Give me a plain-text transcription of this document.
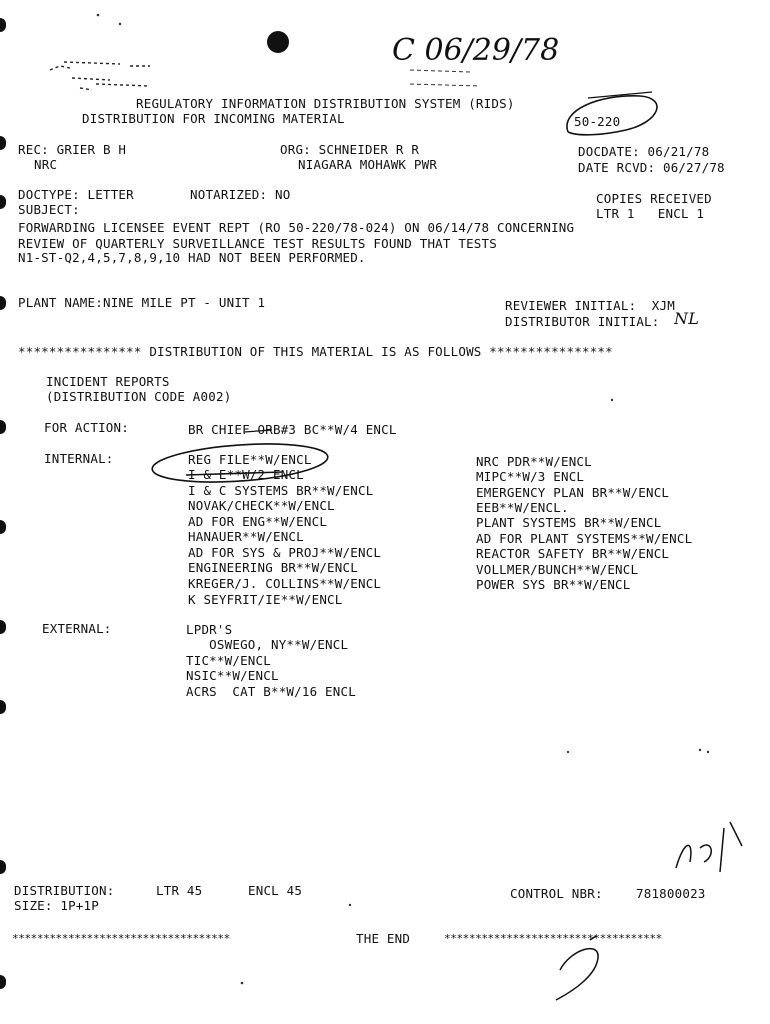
C 06/29/78
REGULATORY INFORMATION DISTRIBUTION SYSTEM (RIDS)
DISTRIBUTION FOR INCOMING MATERIAL	50-220
REC: GRIER B H
NRC
ORG: SCHNEIDER R R
NIAGARA MOHAWK PWR
DOCDATE: 06/21/78
DATE RCVD: 06/27/78
DOCTYPE: LETTER	NOTARIZED: NO	COPIES RECEIVED
LTR 1   ENCL 1
SUBJECT:
FORWARDING LICENSEE EVENT REPT (RO 50-220/78-024) ON 06/14/78 CONCERNING
REVIEW OF QUARTERLY SURVEILLANCE TEST RESULTS FOUND THAT TESTS
N1-ST-Q2,4,5,7,8,9,10 HAD NOT BEEN PERFORMED.
PLANT NAME:NINE MILE PT - UNIT 1	REVIEWER INITIAL:  XJM
DISTRIBUTOR INITIAL: NL
**************** DISTRIBUTION OF THIS MATERIAL IS AS FOLLOWS ****************
INCIDENT REPORTS
(DISTRIBUTION CODE A002)
FOR ACTION:	BR CHIEF ORB#3 BC**W/4 ENCL
INTERNAL:	REG FILE**W/ENCL
I & E**W/2 ENCL
I & C SYSTEMS BR**W/ENCL
NOVAK/CHECK**W/ENCL
AD FOR ENG**W/ENCL
HANAUER**W/ENCL
AD FOR SYS & PROJ**W/ENCL
ENGINEERING BR**W/ENCL
KREGER/J. COLLINS**W/ENCL
K SEYFRIT/IE**W/ENCL
NRC PDR**W/ENCL
MIPC**W/3 ENCL
EMERGENCY PLAN BR**W/ENCL
EEB**W/ENCL.
PLANT SYSTEMS BR**W/ENCL
AD FOR PLANT SYSTEMS**W/ENCL
REACTOR SAFETY BR**W/ENCL
VOLLMER/BUNCH**W/ENCL
POWER SYS BR**W/ENCL
EXTERNAL:	LPDR'S
OSWEGO, NY**W/ENCL
TIC**W/ENCL
NSIC**W/ENCL
ACRS  CAT B**W/16 ENCL
DISTRIBUTION:	LTR 45	ENCL 45
SIZE: 1P+1P
CONTROL NBR:	781800023
***********************************	THE END	***********************************
